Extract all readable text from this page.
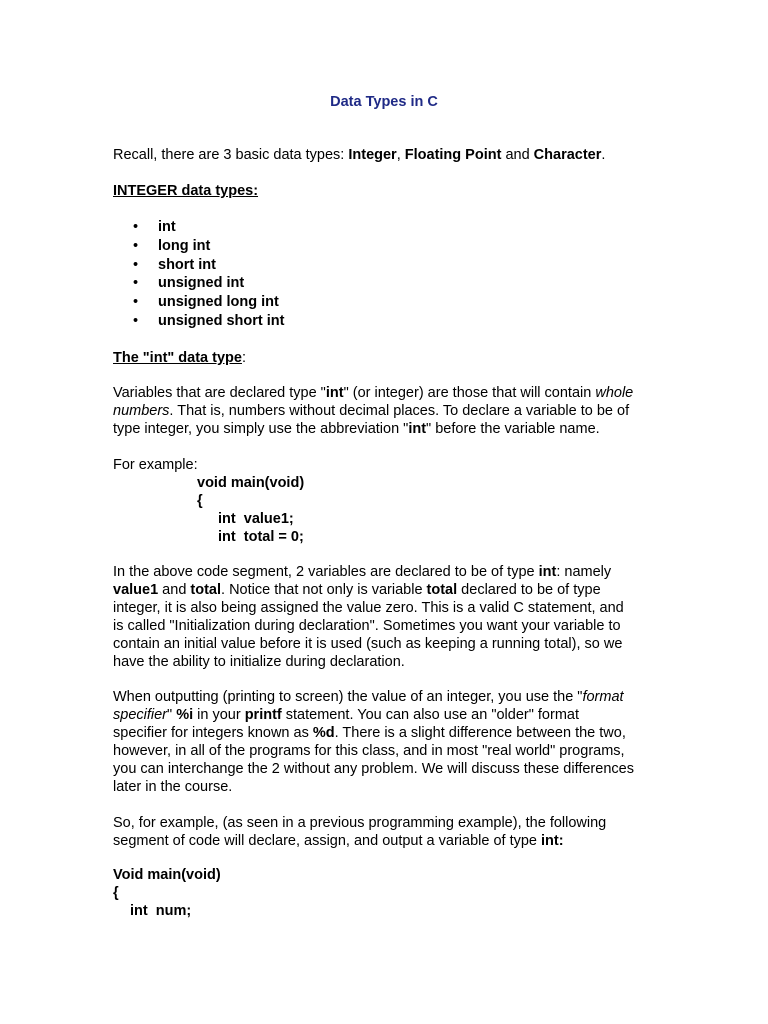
Data Types in C

Recall, there are 3 basic data types: Integer, Floating Point and Character.

INTEGER data types:

• int
• long int
• short int
• unsigned int
• unsigned long int
• unsigned short int

The "int" data type:

Variables that are declared type "int" (or integer) are those that will contain whole
numbers. That is, numbers without decimal places. To declare a variable to be of
type integer, you simply use the abbreviation "int" before the variable name.

For example:

void main(void)
{
int  value1;
int  total = 0;

In the above code segment, 2 variables are declared to be of type int: namely
value1 and total. Notice that not only is variable total declared to be of type
integer, it is also being assigned the value zero. This is a valid C statement, and
is called "Initialization during declaration". Sometimes you want your variable to
contain an initial value before it is used (such as keeping a running total), so we
have the ability to initialize during declaration.

When outputting (printing to screen) the value of an integer, you use the "format
specifier" %i in your printf statement. You can also use an "older" format
specifier for integers known as %d. There is a slight difference between the two,
however, in all of the programs for this class, and in most "real world" programs,
you can interchange the 2 without any problem. We will discuss these differences
later in the course.

So, for example, (as seen in a previous programming example), the following
segment of code will declare, assign, and output a variable of type int:

Void main(void)
{
int  num;
